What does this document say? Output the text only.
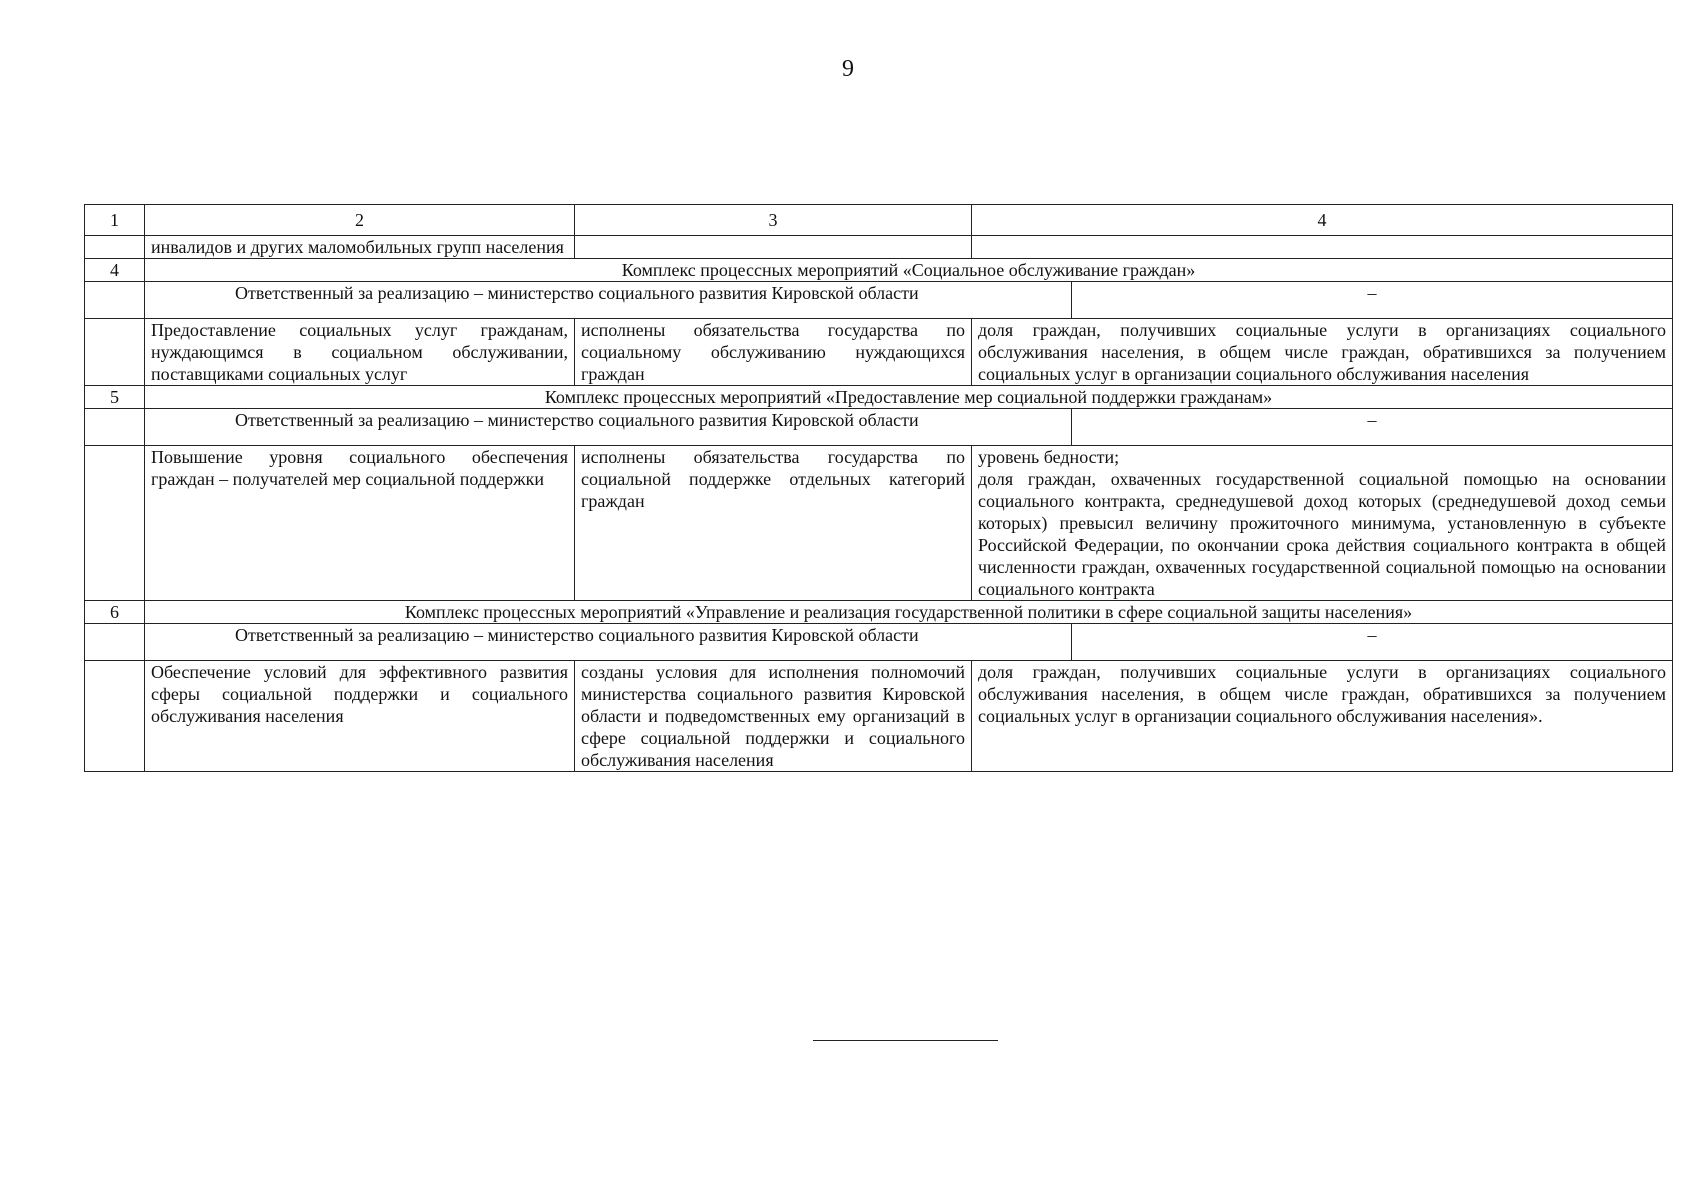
9
1	2	3	4	
	инвалидов и других маломобильных групп населения			
4	Комплекс процессных мероприятий «Социальное обслуживание граждан»			
	Ответственный за реализацию – министерство социального развития Кировской области			–
	Предоставление социальных услуг гражданам, нуждающимся в социальном обслуживании, поставщиками социальных услуг	исполнены обязательства государства по социальному обслуживанию нуждающихся граждан	доля граждан, получивших социальные услуги в организациях социального обслуживания населения, в общем числе граждан, обратившихся за получением социальных услуг в организации социального обслуживания населения	
5	Комплекс процессных мероприятий «Предоставление мер социальной поддержки гражданам»			
	Ответственный за реализацию – министерство социального развития Кировской области			–
	Повышение уровня социального обеспечения граждан – получателей мер социальной поддержки	исполнены обязательства государства по социальной поддержке отдельных категорий граждан	уровень бедности;
доля граждан, охваченных государственной социальной помощью на основании социального контракта, среднедушевой доход которых (среднедушевой доход семьи которых) превысил величину прожиточного минимума, установленную в субъекте Российской Федерации, по окончании срока действия социального контракта в общей численности граждан, охваченных государственной социальной помощью на основании социального контракта	
6	Комплекс процессных мероприятий «Управление и реализация государственной политики в сфере социальной защиты населения»			
	Ответственный за реализацию – министерство социального развития Кировской области			–
	Обеспечение условий для эффективного развития сферы социальной поддержки и социального обслуживания населения	созданы условия для исполнения полномочий министерства социального развития Кировской области и подведомственных ему организаций в сфере социальной поддержки и социального обслуживания населения	доля граждан, получивших социальные услуги в организациях социального обслуживания населения, в общем числе граждан, обратившихся за получением социальных услуг в организации социального обслуживания населения».	
